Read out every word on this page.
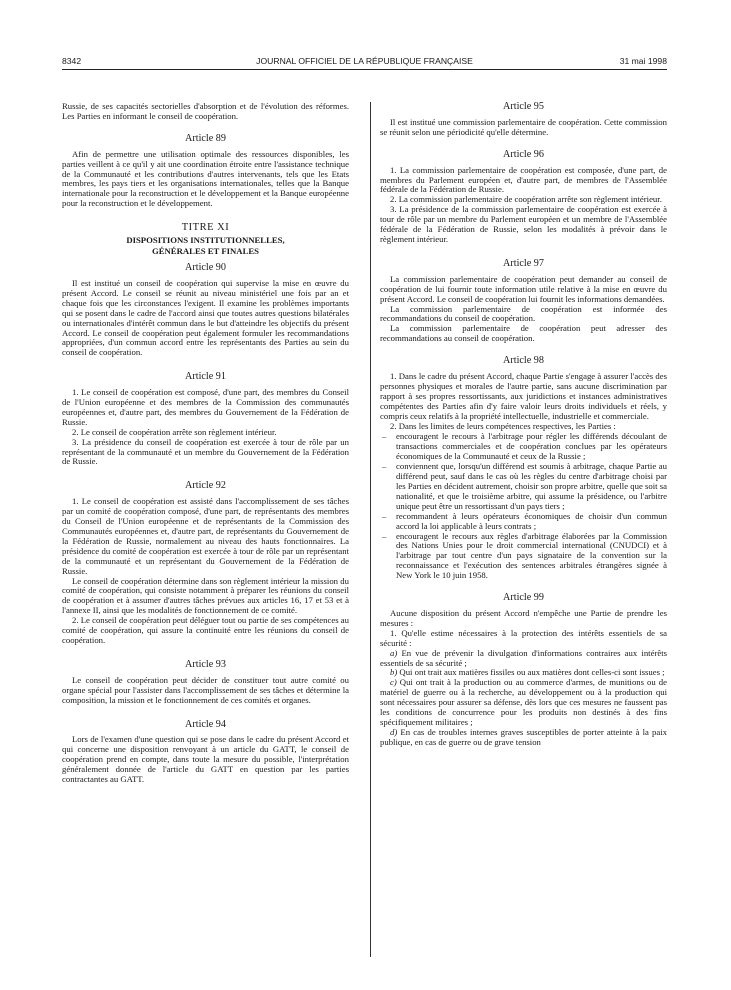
8342	JOURNAL OFFICIEL DE LA RÉPUBLIQUE FRANÇAISE	31 mai 1998

Russie, de ses capacités sectorielles d'absorption et de l'évolution des réformes. Les Parties en informant le conseil de coopération.

Article 89

Afin de permettre une utilisation optimale des ressources disponibles, les parties veillent à ce qu'il y ait une coordination étroite entre l'assistance technique de la Communauté et les contributions d'autres intervenants, tels que les Etats membres, les pays tiers et les organisations internationales, telles que la Banque internationale pour la reconstruction et le développement et la Banque européenne pour la reconstruction et le développement.

TITRE XI
DISPOSITIONS INSTITUTIONNELLES,
GÉNÉRALES ET FINALES
Article 90

Il est institué un conseil de coopération qui supervise la mise en œuvre du présent Accord. Le conseil se réunit au niveau ministériel une fois par an et chaque fois que les circonstances l'exigent. Il examine les problèmes importants qui se posent dans le cadre de l'accord ainsi que toutes autres questions bilatérales ou internationales d'intérêt commun dans le but d'atteindre les objectifs du présent Accord. Le conseil de coopération peut également formuler les recommandations appropriées, d'un commun accord entre les représentants des Parties au sein du conseil de coopération.

Article 91

1. Le conseil de coopération est composé, d'une part, des membres du Conseil de l'Union européenne et des membres de la Commission des communautés européennes et, d'autre part, des membres du Gouvernement de la Fédération de Russie.

2. Le conseil de coopération arrête son règlement intérieur.

3. La présidence du conseil de coopération est exercée à tour de rôle par un représentant de la communauté et un membre du Gouvernement de la Fédération de Russie.

Article 92

1. Le conseil de coopération est assisté dans l'accomplissement de ses tâches par un comité de coopération composé, d'une part, de représentants des membres du Conseil de l'Union européenne et de représentants de la Commission des Communautés européennes et, d'autre part, de représentants du Gouvernement de la Fédération de Russie, normalement au niveau des hauts fonctionnaires. La présidence du comité de coopération est exercée à tour de rôle par un représentant de la communauté et un représentant du Gouvernement de la Fédération de Russie.

Le conseil de coopération détermine dans son règlement intérieur la mission du comité de coopération, qui consiste notamment à préparer les réunions du conseil de coopération et à assumer d'autres tâches prévues aux articles 16, 17 et 53 et à l'annexe II, ainsi que les modalités de fonctionnement de ce comité.

2. Le conseil de coopération peut déléguer tout ou partie de ses compétences au comité de coopération, qui assure la continuité entre les réunions du conseil de coopération.

Article 93

Le conseil de coopération peut décider de constituer tout autre comité ou organe spécial pour l'assister dans l'accomplissement de ses tâches et détermine la composition, la mission et le fonctionnement de ces comités et organes.

Article 94

Lors de l'examen d'une question qui se pose dans le cadre du présent Accord et qui concerne une disposition renvoyant à un article du GATT, le conseil de coopération prend en compte, dans toute la mesure du possible, l'interprétation généralement donnée de l'article du GATT en question par les parties contractantes au GATT.

Article 95

Il est institué une commission parlementaire de coopération. Cette commission se réunit selon une périodicité qu'elle détermine.

Article 96

1. La commission parlementaire de coopération est composée, d'une part, de membres du Parlement européen et, d'autre part, de membres de l'Assemblée fédérale de la Fédération de Russie.

2. La commission parlementaire de coopération arrête son règlement intérieur.

3. La présidence de la commission parlementaire de coopération est exercée à tour de rôle par un membre du Parlement européen et un membre de l'Assemblée fédérale de la Fédération de Russie, selon les modalités à prévoir dans le règlement intérieur.

Article 97

La commission parlementaire de coopération peut demander au conseil de coopération de lui fournir toute information utile relative à la mise en œuvre du présent Accord. Le conseil de coopération lui fournit les informations demandées.

La commission parlementaire de coopération est informée des recommandations du conseil de coopération.

La commission parlementaire de coopération peut adresser des recommandations au conseil de coopération.

Article 98

1. Dans le cadre du présent Accord, chaque Partie s'engage à assurer l'accès des personnes physiques et morales de l'autre partie, sans aucune discrimination par rapport à ses propres ressortissants, aux juridictions et instances administratives compétentes des Parties afin d'y faire valoir leurs droits individuels et réels, y compris ceux relatifs à la propriété intellectuelle, industrielle et commerciale.

2. Dans les limites de leurs compétences respectives, les Parties :

– encouragent le recours à l'arbitrage pour régler les différends découlant de transactions commerciales et de coopération conclues par les opérateurs économiques de la Communauté et ceux de la Russie ;
– conviennent que, lorsqu'un différend est soumis à arbitrage, chaque Partie au différend peut, sauf dans le cas où les règles du centre d'arbitrage choisi par les Parties en décident autrement, choisir son propre arbitre, quelle que soit sa nationalité, et que le troisième arbitre, qui assume la présidence, ou l'arbitre unique peut être un ressortissant d'un pays tiers ;
– recommandent à leurs opérateurs économiques de choisir d'un commun accord la loi applicable à leurs contrats ;
– encouragent le recours aux règles d'arbitrage élaborées par la Commission des Nations Unies pour le droit commercial international (CNUDCI) et à l'arbitrage par tout centre d'un pays signataire de la convention sur la reconnaissance et l'exécution des sentences arbitrales étrangères signée à New York le 10 juin 1958.
Article 99

Aucune disposition du présent Accord n'empêche une Partie de prendre les mesures :

1. Qu'elle estime nécessaires à la protection des intérêts essentiels de sa sécurité :

a) En vue de prévenir la divulgation d'informations contraires aux intérêts essentiels de sa sécurité ;

b) Qui ont trait aux matières fissiles ou aux matières dont celles-ci sont issues ;

c) Qui ont trait à la production ou au commerce d'armes, de munitions ou de matériel de guerre ou à la recherche, au développement ou à la production qui sont nécessaires pour assurer sa défense, dès lors que ces mesures ne faussent pas les conditions de concurrence pour les produits non destinés à des fins spécifiquement militaires ;

d) En cas de troubles internes graves susceptibles de porter atteinte à la paix publique, en cas de guerre ou de grave tension
